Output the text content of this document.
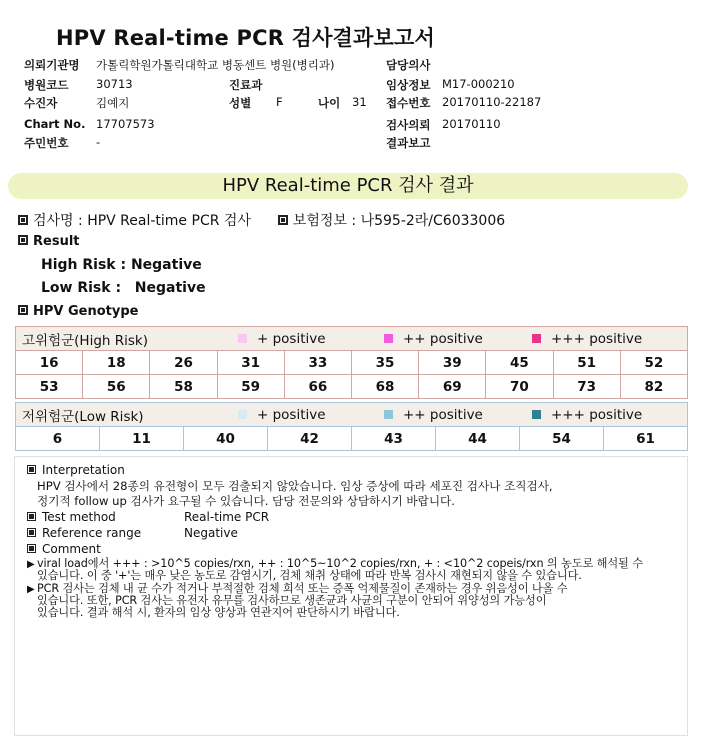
HPV Real-time PCR 검사결과보고서
의뢰기관명 가톨릭학원가톨릭대학교 병동센트 병원(병리과)	담당의사
병원코드 30713	진료과	임상정보 M17-000210
수진자	김예지	성별 F	나이 31 접수번호 20170110-22187
Chart No. 17707573	검사의뢰 20170110
주민번호 -	결과보고
HPV Real-time PCR 검사 결과
검사명 : HPV Real-time PCR 검사	보험정보 : 나595-2라/C6033006
Result
High Risk : Negative
Low Risk : Negative
HPV Genotype
고위험군(High Risk) + positive ++ positive +++ positive									

16	18	26	31	33	35	39	45	51	52
53	56	58	59	66	68	69	70	73	82
저위험군(Low Risk)	+ positive	++ positive	+++ positive

6	11	40	42	43	44	54	61
Interpretation
HPV 검사에서 28종의 유전형이 모두 검출되지 않았습니다. 임상 증상에 따라 세포진 검사나 조직검사,
정기적 follow up 검사가 요구될 수 있습니다. 담당 전문의와 상담하시기 바랍니다.
Test method	Real-time PCR
Reference range	Negative
Comment
▶ viral load에서 +++ : >10^5 copies/rxn, ++ : 10^5~10^2 copies/rxn, + : <10^2 copeis/rxn 의 농도로 해석될 수
있습니다. 이 중 '+'는 매우 낮은 농도로 감염시기, 검체 채취 상태에 따라 반복 검사시 재현되지 않을 수 있습니다.
▶ PCR 검사는 검체 내 균 수가 적거나 부적절한 검체 희석 또는 증폭 억제물질이 존재하는 경우 위음성이 나올 수
있습니다. 또한, PCR 검사는 유전자 유무를 검사하므로 생존균과 사균의 구분이 안되어 위양성의 가능성이
있습니다. 결과 해석 시, 환자의 임상 양상과 연관지어 판단하시기 바랍니다.
